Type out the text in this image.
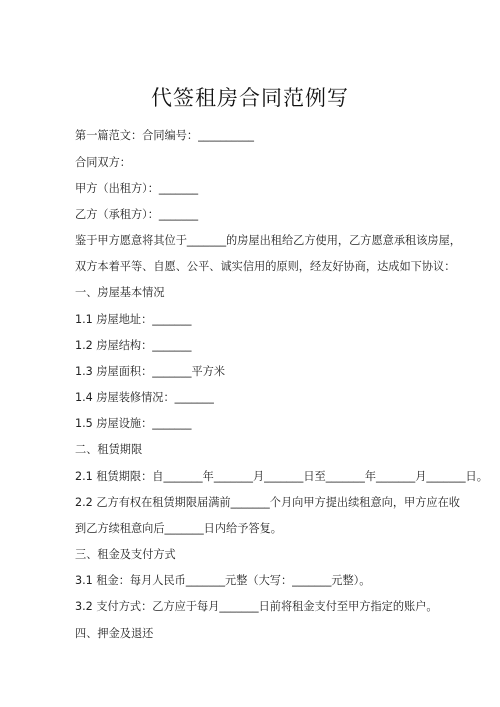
代签租房合同范例写
第一篇范文：合同编号：__________
合同双方：
甲方（出租方）：_______
乙方（承租方）：_______
鉴于甲方愿意将其位于_______的房屋出租给乙方使用，乙方愿意承租该房屋，
双方本着平等、自愿、公平、诚实信用的原则，经友好协商，达成如下协议：
一、房屋基本情况
1.1 房屋地址：_______
1.2 房屋结构：_______
1.3 房屋面积：_______平方米
1.4 房屋装修情况：_______
1.5 房屋设施：_______
二、租赁期限
2.1 租赁期限：自_______年_______月_______日至_______年_______月_______日。
2.2 乙方有权在租赁期限届满前_______个月向甲方提出续租意向，甲方应在收
到乙方续租意向后_______日内给予答复。
三、租金及支付方式
3.1 租金：每月人民币_______元整（大写：_______元整）。
3.2 支付方式：乙方应于每月_______日前将租金支付至甲方指定的账户。
四、押金及退还
